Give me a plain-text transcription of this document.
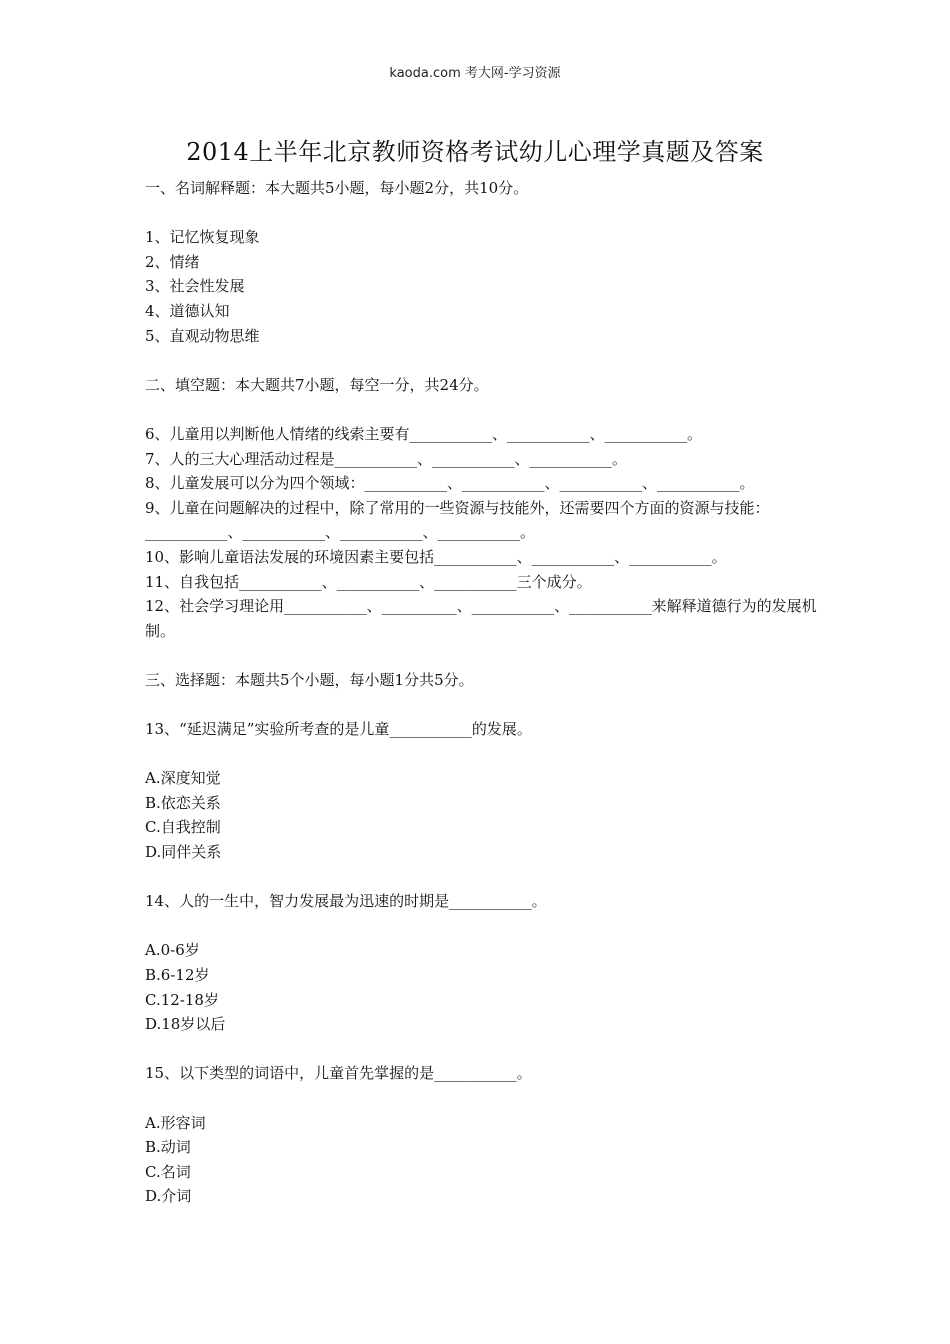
kaoda.com 考大网-学习资源
2014上半年北京教师资格考试幼儿心理学真题及答案
一、名词解释题：本大题共5小题，每小题2分，共10分。
1、记忆恢复现象
2、情绪
3、社会性发展
4、道德认知
5、直观动物思维
二、填空题：本大题共7小题，每空一分，共24分。
6、儿童用以判断他人情绪的线索主要有___________、___________、___________。
7、人的三大心理活动过程是___________、___________、___________。
8、儿童发展可以分为四个领域：___________、___________、___________、___________。
9、儿童在问题解决的过程中，除了常用的一些资源与技能外，还需要四个方面的资源与技能：___________、___________、___________、___________。
10、影响儿童语法发展的环境因素主要包括___________、___________、___________。
11、自我包括___________、___________、___________三个成分。
12、社会学习理论用___________、__________、___________、___________来解释道德行为的发展机制。
三、选择题：本题共5个小题，每小题1分共5分。
13、“延迟满足”实验所考查的是儿童___________的发展。
A.深度知觉
B.依恋关系
C.自我控制
D.同伴关系
14、人的一生中，智力发展最为迅速的时期是___________。
A.0-6岁
B.6-12岁
C.12-18岁
D.18岁以后
15、以下类型的词语中，儿童首先掌握的是___________。
A.形容词
B.动词
C.名词
D.介词
